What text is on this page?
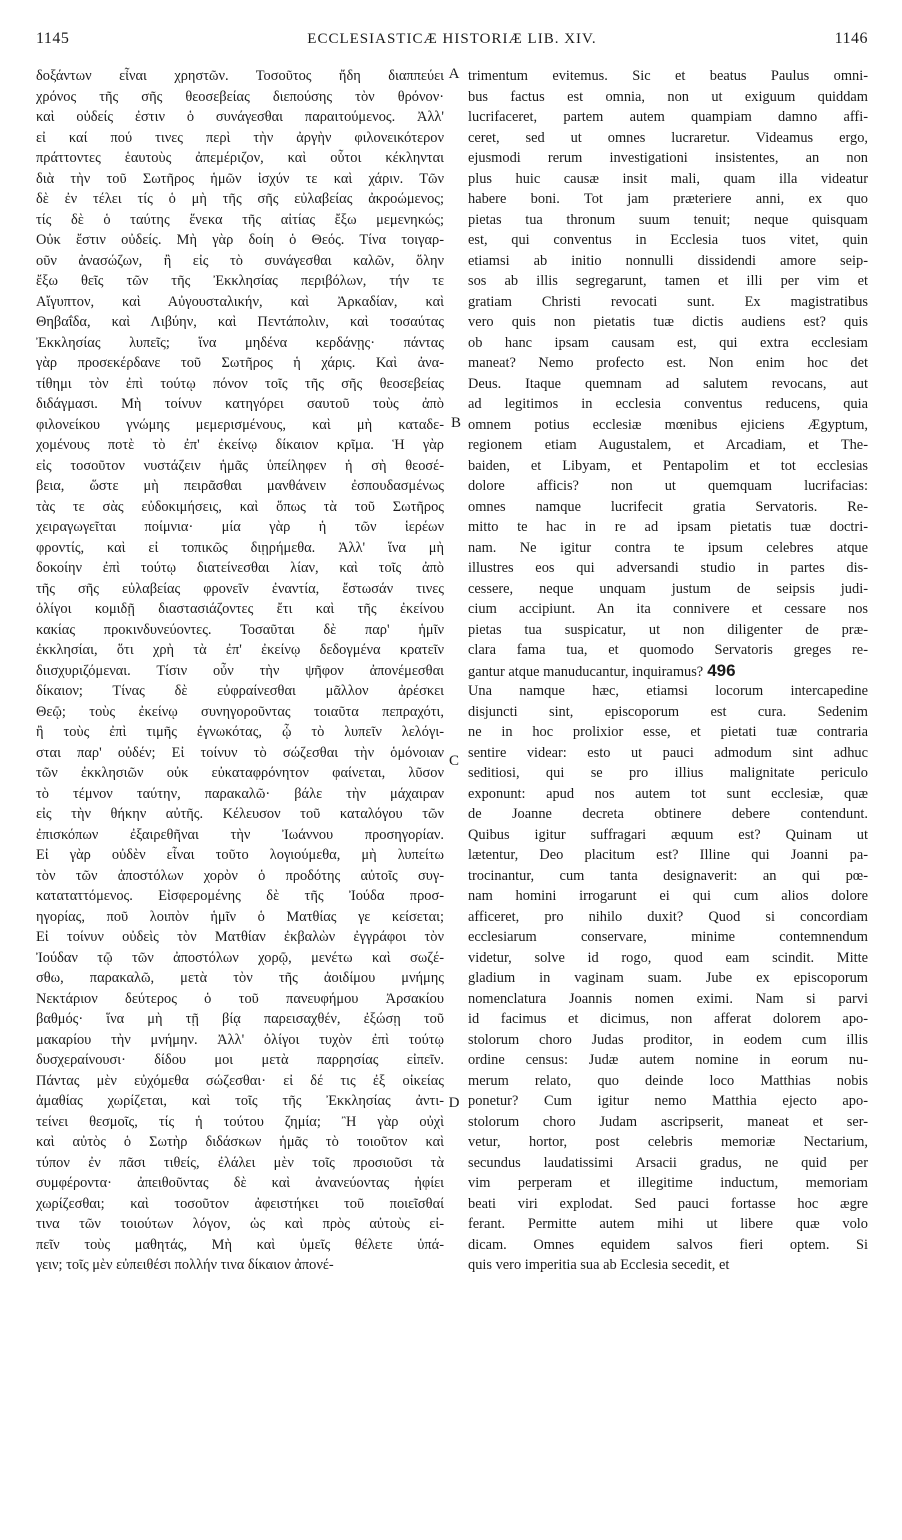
1145	ECCLESIASTICÆ HISTORIÆ LIB. XIV.	1146
δοξάντων εἶναι χρηστῶν. Τοσοῦτος ἤδη διαππεύει
χρόνος τῆς σῆς θεοσεβείας διεπούσης τὸν θρόνον·
καὶ οὐδείς ἐστιν ὁ συνάγεσθαι παραιτούμενος. Ἀλλ'
εἰ καί πού τινες περὶ τὴν ἀργὴν φιλονεικότερον
πράττοντες ἑαυτοὺς ἀπεμέριζον, καὶ οὗτοι κέκληνται
διὰ τὴν τοῦ Σωτῆρος ἡμῶν ἰσχύν τε καὶ χάριν. Τῶν
δὲ ἐν τέλει τίς ὁ μὴ τῆς σῆς εὐλαβείας ἀκροώμενος;
τίς δὲ ὁ ταύτης ἕνεκα τῆς αἰτίας ἔξω μεμενηκώς;
Οὐκ ἔστιν οὐδείς. Μὴ γὰρ δοίη ὁ Θεός. Τίνα τοιγαρ-
οῦν ἀνασώζων, ἢ εἰς τὸ συνάγεσθαι καλῶν, ὅλην
ἔξω θεῖς τῶν τῆς Ἐκκλησίας περιβόλων, τήν τε
Αἴγυπτον, καὶ Αὐγουσταλικήν, καὶ Ἀρκαδίαν, καὶ
Θηβαΐδα, καὶ Λιβύην, καὶ Πεντάπολιν, καὶ τοσαύτας
Ἐκκλησίας λυπεῖς; ἵνα μηδένα κερδάνῃς· πάντας
γὰρ προσεκέρδανε τοῦ Σωτῆρος ἡ χάρις. Καὶ ἀνα-
τίθημι τὸν ἐπὶ τούτῳ πόνον τοῖς τῆς σῆς θεοσεβείας
διδάγμασι. Μὴ τοίνυν κατηγόρει σαυτοῦ τοὺς ἀπὸ
φιλονείκου γνώμης μεμερισμένους, καὶ μὴ καταδε-
χομένους ποτὲ τὸ ἐπ' ἐκείνῳ δίκαιον κρῖμα. Ἡ γὰρ
εἰς τοσοῦτον νυστάζειν ἡμᾶς ὑπείληφεν ἡ σὴ θεοσέ-
βεια, ὥστε μὴ πειρᾶσθαι μανθάνειν ἐσπουδασμένως
τὰς τε σὰς εὐδοκιμήσεις, καὶ ὅπως τὰ τοῦ Σωτῆρος
χειραγωγεῖται ποίμνια· μία γὰρ ἡ τῶν ἱερέων
φροντίς, καὶ εἰ τοπικῶς διῃρήμεθα. Ἀλλ' ἵνα μὴ
δοκοίην ἐπὶ τούτῳ διατείνεσθαι λίαν, καὶ τοῖς ἀπὸ
τῆς σῆς εὐλαβείας φρονεῖν ἐναντία, ἔστωσάν τινες
ὀλίγοι κομιδῇ διαστασιάζοντες ἔτι καὶ τῆς ἐκείνου
κακίας προκινδυνεύοντες. Τοσαῦται δὲ παρ' ἡμῖν
ἐκκλησίαι, ὅτι χρὴ τὰ ἐπ' ἐκείνῳ δεδογμένα κρατεῖν
διισχυριζόμεναι. Τίσιν οὖν τὴν ψῆφον ἀπονέμεσθαι
δίκαιον; Τίνας δὲ εὐφραίνεσθαι μᾶλλον ἀρέσκει
Θεῷ; τοὺς ἐκείνῳ συνηγοροῦντας τοιαῦτα πεπραχότι,
ἢ τοὺς ἐπὶ τιμῆς ἐγνωκότας, ᾧ τὸ λυπεῖν λελόγι-
σται παρ' οὐδέν; Εἰ τοίνυν τὸ σώζεσθαι τὴν ὁμόνοιαν
τῶν ἐκκλησιῶν οὐκ εὐκαταφρόνητον φαίνεται, λῦσον
τὸ τέμνον ταύτην, παρακαλῶ· βάλε τὴν μάχαιραν
εἰς τὴν θήκην αὐτῆς. Κέλευσον τοῦ καταλόγου τῶν
ἐπισκόπων ἐξαιρεθῆναι τὴν Ἰωάννου προσηγορίαν.
Εἰ γὰρ οὐδὲν εἶναι τοῦτο λογιούμεθα, μὴ λυπείτω
τὸν τῶν ἀποστόλων χορὸν ὁ προδότης αὐτοῖς συγ-
καταταττόμενος. Εἰσφερομένης δὲ τῆς Ἰούδα προσ-
ηγορίας, ποῦ λοιπὸν ἡμῖν ὁ Ματθίας γε κείσεται;
Εἰ τοίνυν οὐδεὶς τὸν Ματθίαν ἐκβαλὼν ἐγγράφοι τὸν
Ἰούδαν τῷ τῶν ἀποστόλων χορῷ, μενέτω καὶ σωζέ-
σθω, παρακαλῶ, μετὰ τὸν τῆς ἀοιδίμου μνήμης
Νεκτάριον δεύτερος ὁ τοῦ πανευφήμου Ἀρσακίου
βαθμός· ἵνα μὴ τῇ βίᾳ παρεισαχθέν, ἐξώσῃ τοῦ
μακαρίου τὴν μνήμην. Ἀλλ' ὀλίγοι τυχὸν ἐπὶ τούτῳ
δυσχεραίνουσι· δίδου μοι μετὰ παρρησίας εἰπεῖν.
Πάντας μὲν εὐχόμεθα σώζεσθαι· εἰ δέ τις ἐξ οἰκείας
ἀμαθίας χωρίζεται, καὶ τοῖς τῆς Ἐκκλησίας ἀντι-
τείνει θεσμοῖς, τίς ἡ τούτου ζημία; Ἢ γὰρ οὐχὶ
καὶ αὐτὸς ὁ Σωτὴρ διδάσκων ἡμᾶς τὸ τοιοῦτον καὶ
τύπον ἐν πᾶσι τιθείς, ἐλάλει μὲν τοῖς προσιοῦσι τὰ
συμφέροντα· ἀπειθοῦντας δὲ καὶ ἀνανεύοντας ἠφίει
χωρίζεσθαι; καὶ τοσοῦτον ἀφειστήκει τοῦ ποιεῖσθαί
τινα τῶν τοιούτων λόγον, ὡς καὶ πρὸς αὐτοὺς εἰ-
πεῖν τοὺς μαθητάς, Μὴ καὶ ὑμεῖς θέλετε ὑπά-
γειν; τοῖς μὲν εὐπειθέσι πολλήν τινα δίκαιον ἀπονέ-
trimentum evitemus. Sic et beatus Paulus omni-
bus factus est omnia, non ut exiguum quiddam
lucrifaceret, partem autem quampiam damno affi-
ceret, sed ut omnes lucraretur. Videamus ergo,
ejusmodi rerum investigationi insistentes, an non
plus huic causæ insit mali, quam illa videatur
habere boni. Tot jam præteriere anni, ex quo
pietas tua thronum suum tenuit; neque quisquam
est, qui conventus in Ecclesia tuos vitet, quin
etiamsi ab initio nonnulli dissidendi amore seip-
sos ab illis segregarunt, tamen et illi per vim et
gratiam Christi revocati sunt. Ex magistratibus
vero quis non pietatis tuæ dictis audiens est? quis
ob hanc ipsam causam est, qui extra ecclesiam
maneat? Nemo profecto est. Non enim hoc det
Deus. Itaque quemnam ad salutem revocans, aut
ad legitimos in ecclesia conventus reducens, quia
omnem potius ecclesiæ mœnibus ejiciens Ægyptum,
regionem etiam Augustalem, et Arcadiam, et The-
baiden, et Libyam, et Pentapolim et tot ecclesias
dolore afficis? non ut quemquam lucrifacias:
omnes namque lucrifecit gratia Servatoris. Re-
mitto te hac in re ad ipsam pietatis tuæ doctri-
nam. Ne igitur contra te ipsum celebres atque
illustres eos qui adversandi studio in partes dis-
cessere, neque unquam justum de seipsis judi-
cium accipiunt. An ita connivere et cessare nos
pietas tua suspicatur, ut non diligenter de præ-
clara fama tua, et quomodo Servatoris greges re-
gantur atque manuducantur, inquiramus? 496
Una namque hæc, etiamsi locorum intercapedine
disjuncti sint, episcoporum est cura. Sedenim
ne in hoc prolixior esse, et pietati tuæ contraria
sentire videar: esto ut pauci admodum sint adhuc
seditiosi, qui se pro illius malignitate periculo
exponunt: apud nos autem tot sunt ecclesiæ, quæ
de Joanne decreta obtinere debere contendunt.
Quibus igitur suffragari æquum est? Quinam ut
lætentur, Deo placitum est? Illine qui Joanni pa-
trocinantur, cum tanta designaverit: an qui pœ-
nam homini irrogarunt ei qui cum alios dolore
afficeret, pro nihilo duxit? Quod si concordiam
ecclesiarum conservare, minime contemnendum
videtur, solve id rogo, quod eam scindit. Mitte
gladium in vaginam suam. Jube ex episcoporum
nomenclatura Joannis nomen eximi. Nam si parvi
id facimus et dicimus, non afferat dolorem apo-
stolorum choro Judas proditor, in eodem cum illis
ordine census: Judæ autem nomine in eorum nu-
merum relato, quo deinde loco Matthias nobis
ponetur? Cum igitur nemo Matthia ejecto apo-
stolorum choro Judam ascripserit, maneat et ser-
vetur, hortor, post celebris memoriæ Nectarium,
secundus laudatissimi Arsacii gradus, ne quid per
vim perperam et illegitime inductum, memoriam
beati viri explodat. Sed pauci fortasse hoc ægre
ferant. Permitte autem mihi ut libere quæ volo
dicam. Omnes equidem salvos fieri optem. Si
quis vero imperitia sua ab Ecclesia secedit, et
A
B
C
D
